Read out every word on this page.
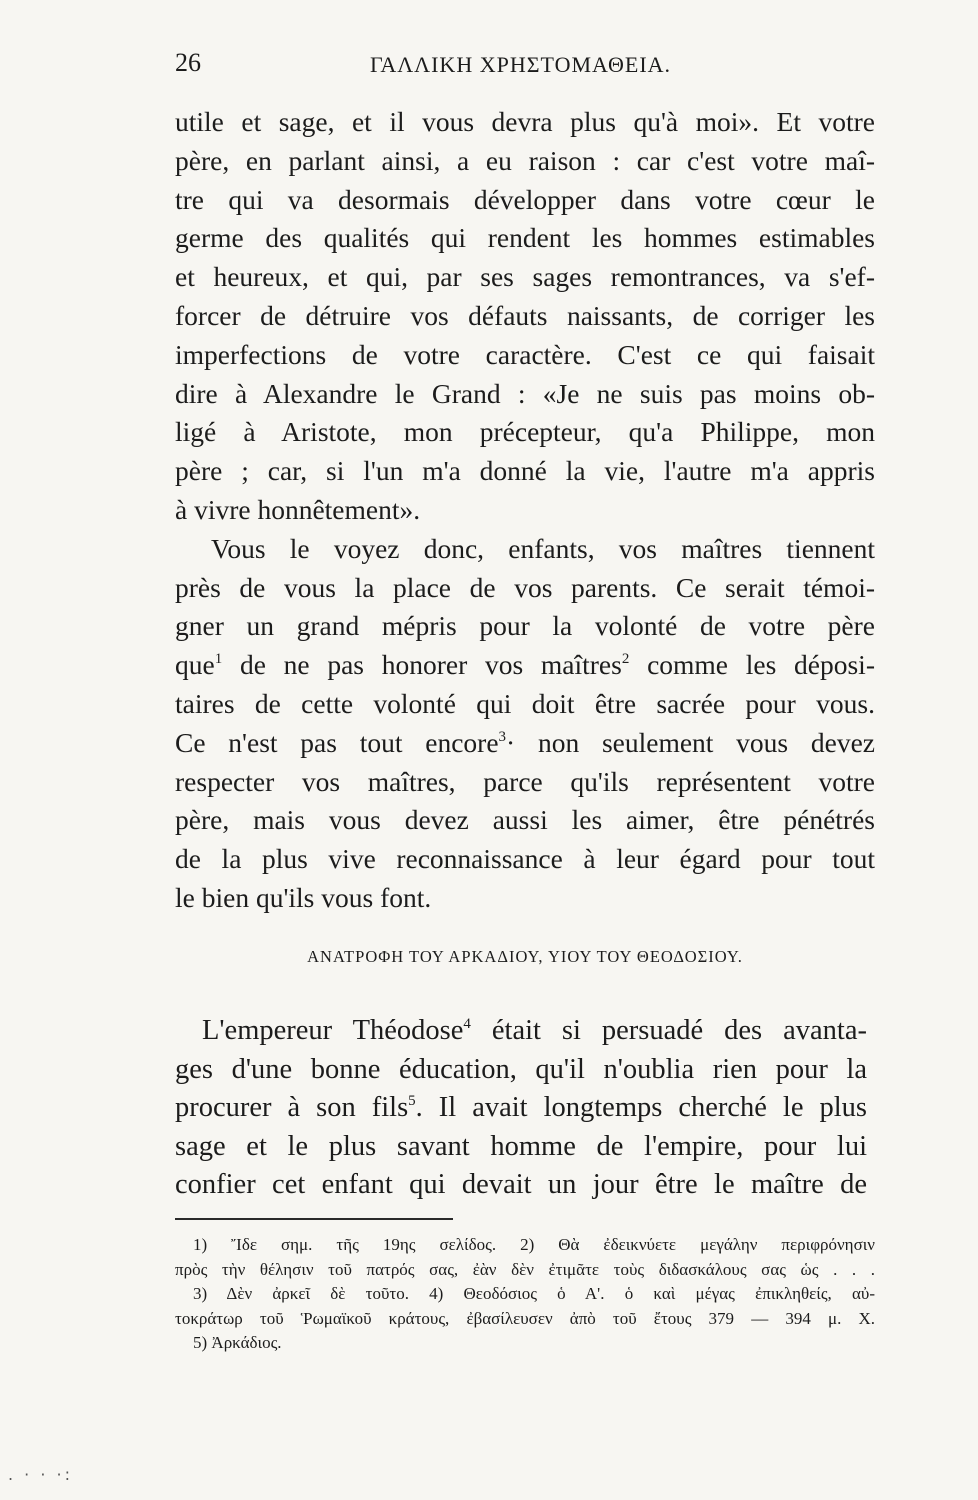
26	ΓΑΛΛΙΚΗ ΧΡΗΣΤΟΜΑΘΕΙΑ.
utile et sage, et il vous devra plus qu'à moi». Et votre
père, en parlant ainsi, a eu raison : car c'est votre maî-
tre qui va desormais développer dans votre cœur le
germe des qualités qui rendent les hommes estimables
et heureux, et qui, par ses sages remontrances, va s'ef-
forcer de détruire vos défauts naissants, de corriger les
imperfections de votre caractère. C'est ce qui faisait
dire à Alexandre le Grand : «Je ne suis pas moins ob-
ligé à Aristote, mon précepteur, qu'a Philippe, mon
père ; car, si l'un m'a donné la vie, l'autre m'a appris
à vivre honnêtement».
Vous le voyez donc, enfants, vos maîtres tiennent
près de vous la place de vos parents. Ce serait témoi-
gner un grand mépris pour la volonté de votre père
que$^1$ de ne pas honorer vos maîtres$^2$ comme les déposi-
taires de cette volonté qui doit être sacrée pour vous.
Ce n'est pas tout encore$^3$· non seulement vous devez
respecter vos maîtres, parce qu'ils représentent votre
père, mais vous devez aussi les aimer, être pénétrés
de la plus vive reconnaissance à leur égard pour tout
le bien qu'ils vous font.
ΑΝΑΤΡΟΦΗ ΤΟΥ ΑΡΚΑΔΙΟΥ, ΥΙΟΥ ΤΟΥ ΘΕΟΔΟΣΙΟΥ.
L'empereur Théodose$^4$ était si persuadé des avanta-
ges d'une bonne éducation, qu'il n'oublia rien pour la
procurer à son fils$^5$. Il avait longtemps cherché le plus
sage et le plus savant homme de l'empire, pour lui
confier cet enfant qui devait un jour être le maître de
1) Ἴδε σημ. τῆς 19ης σελίδος. 2) Θὰ ἐδεικνύετε μεγάλην περιφρόνησιν
πρὸς τὴν θέλησιν τοῦ πατρός σας, ἐὰν δὲν ἐτιμᾶτε τοὺς διδασκάλους σας ὡς . . .
3) Δὲν ἀρκεῖ δὲ τοῦτο. 4) Θεοδόσιος ὁ Α'. ὁ καὶ μέγας ἐπικληθείς, αὐ-
τοκράτωρ τοῦ Ῥωμαϊκοῦ κράτους, ἐβασίλευσεν ἀπὸ τοῦ ἔτους 379 — 394 μ. Χ.
5) Ἀρκάδιος.
. · · ·:
